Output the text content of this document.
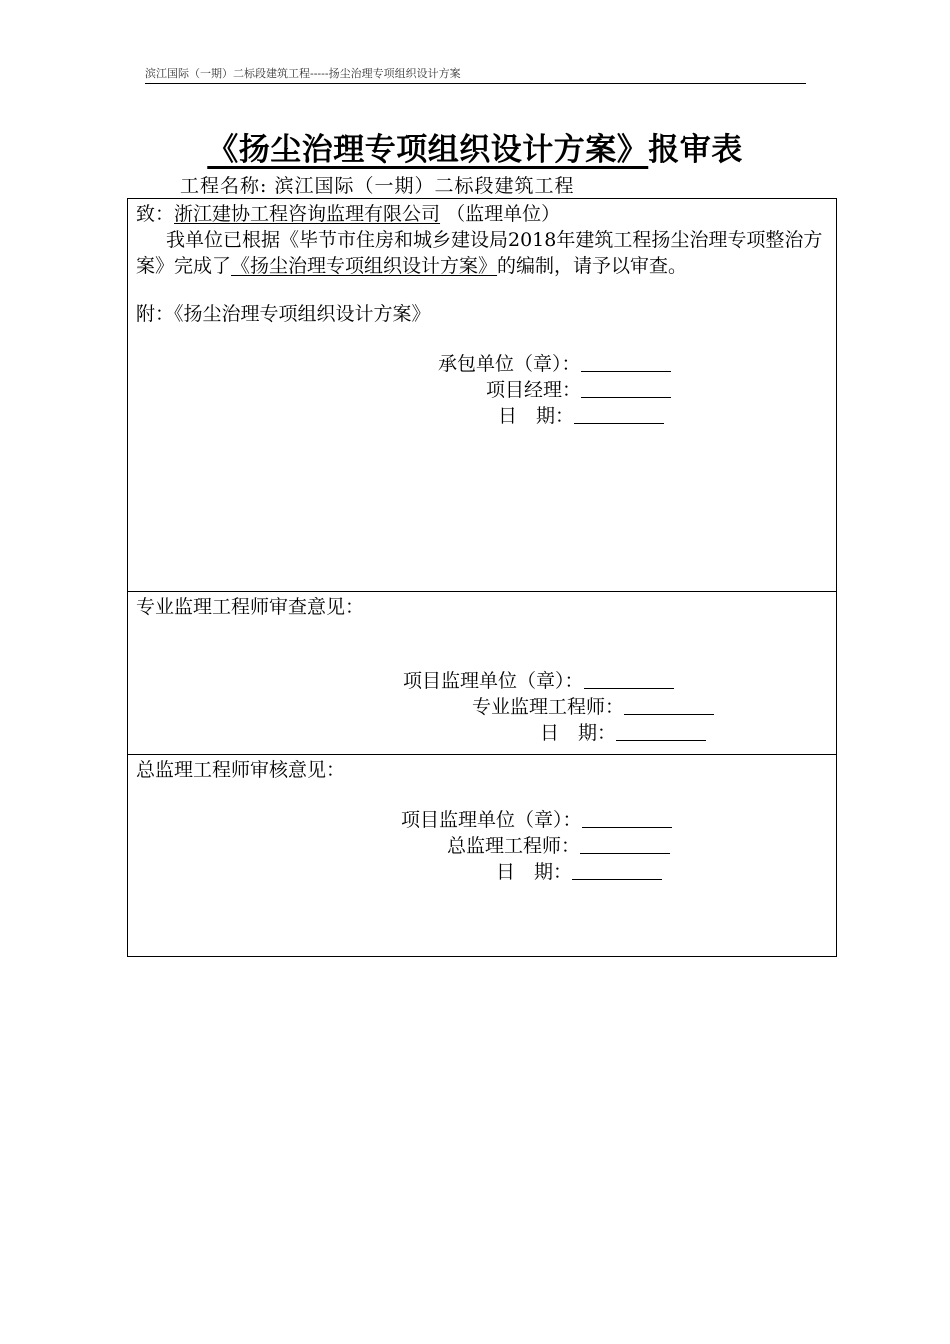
滨江国际（一期）二标段建筑工程-----扬尘治理专项组织设计方案
《扬尘治理专项组织设计方案》报审表
工程名称: 滨江国际（一期）二标段建筑工程
致：浙江建协工程咨询监理有限公司 （监理单位）
我单位已根据《毕节市住房和城乡建设局2018年建筑工程扬尘治理专项整治方案》完成了《扬尘治理专项组织设计方案》的编制，请予以审查。
附：《扬尘治理专项组织设计方案》
承包单位（章）：
项目经理：
日　期：
专业监理工程师审查意见：
项目监理单位（章）：
专业监理工程师：
日　期：
总监理工程师审核意见：
项目监理单位（章）：
总监理工程师：
日　期：
